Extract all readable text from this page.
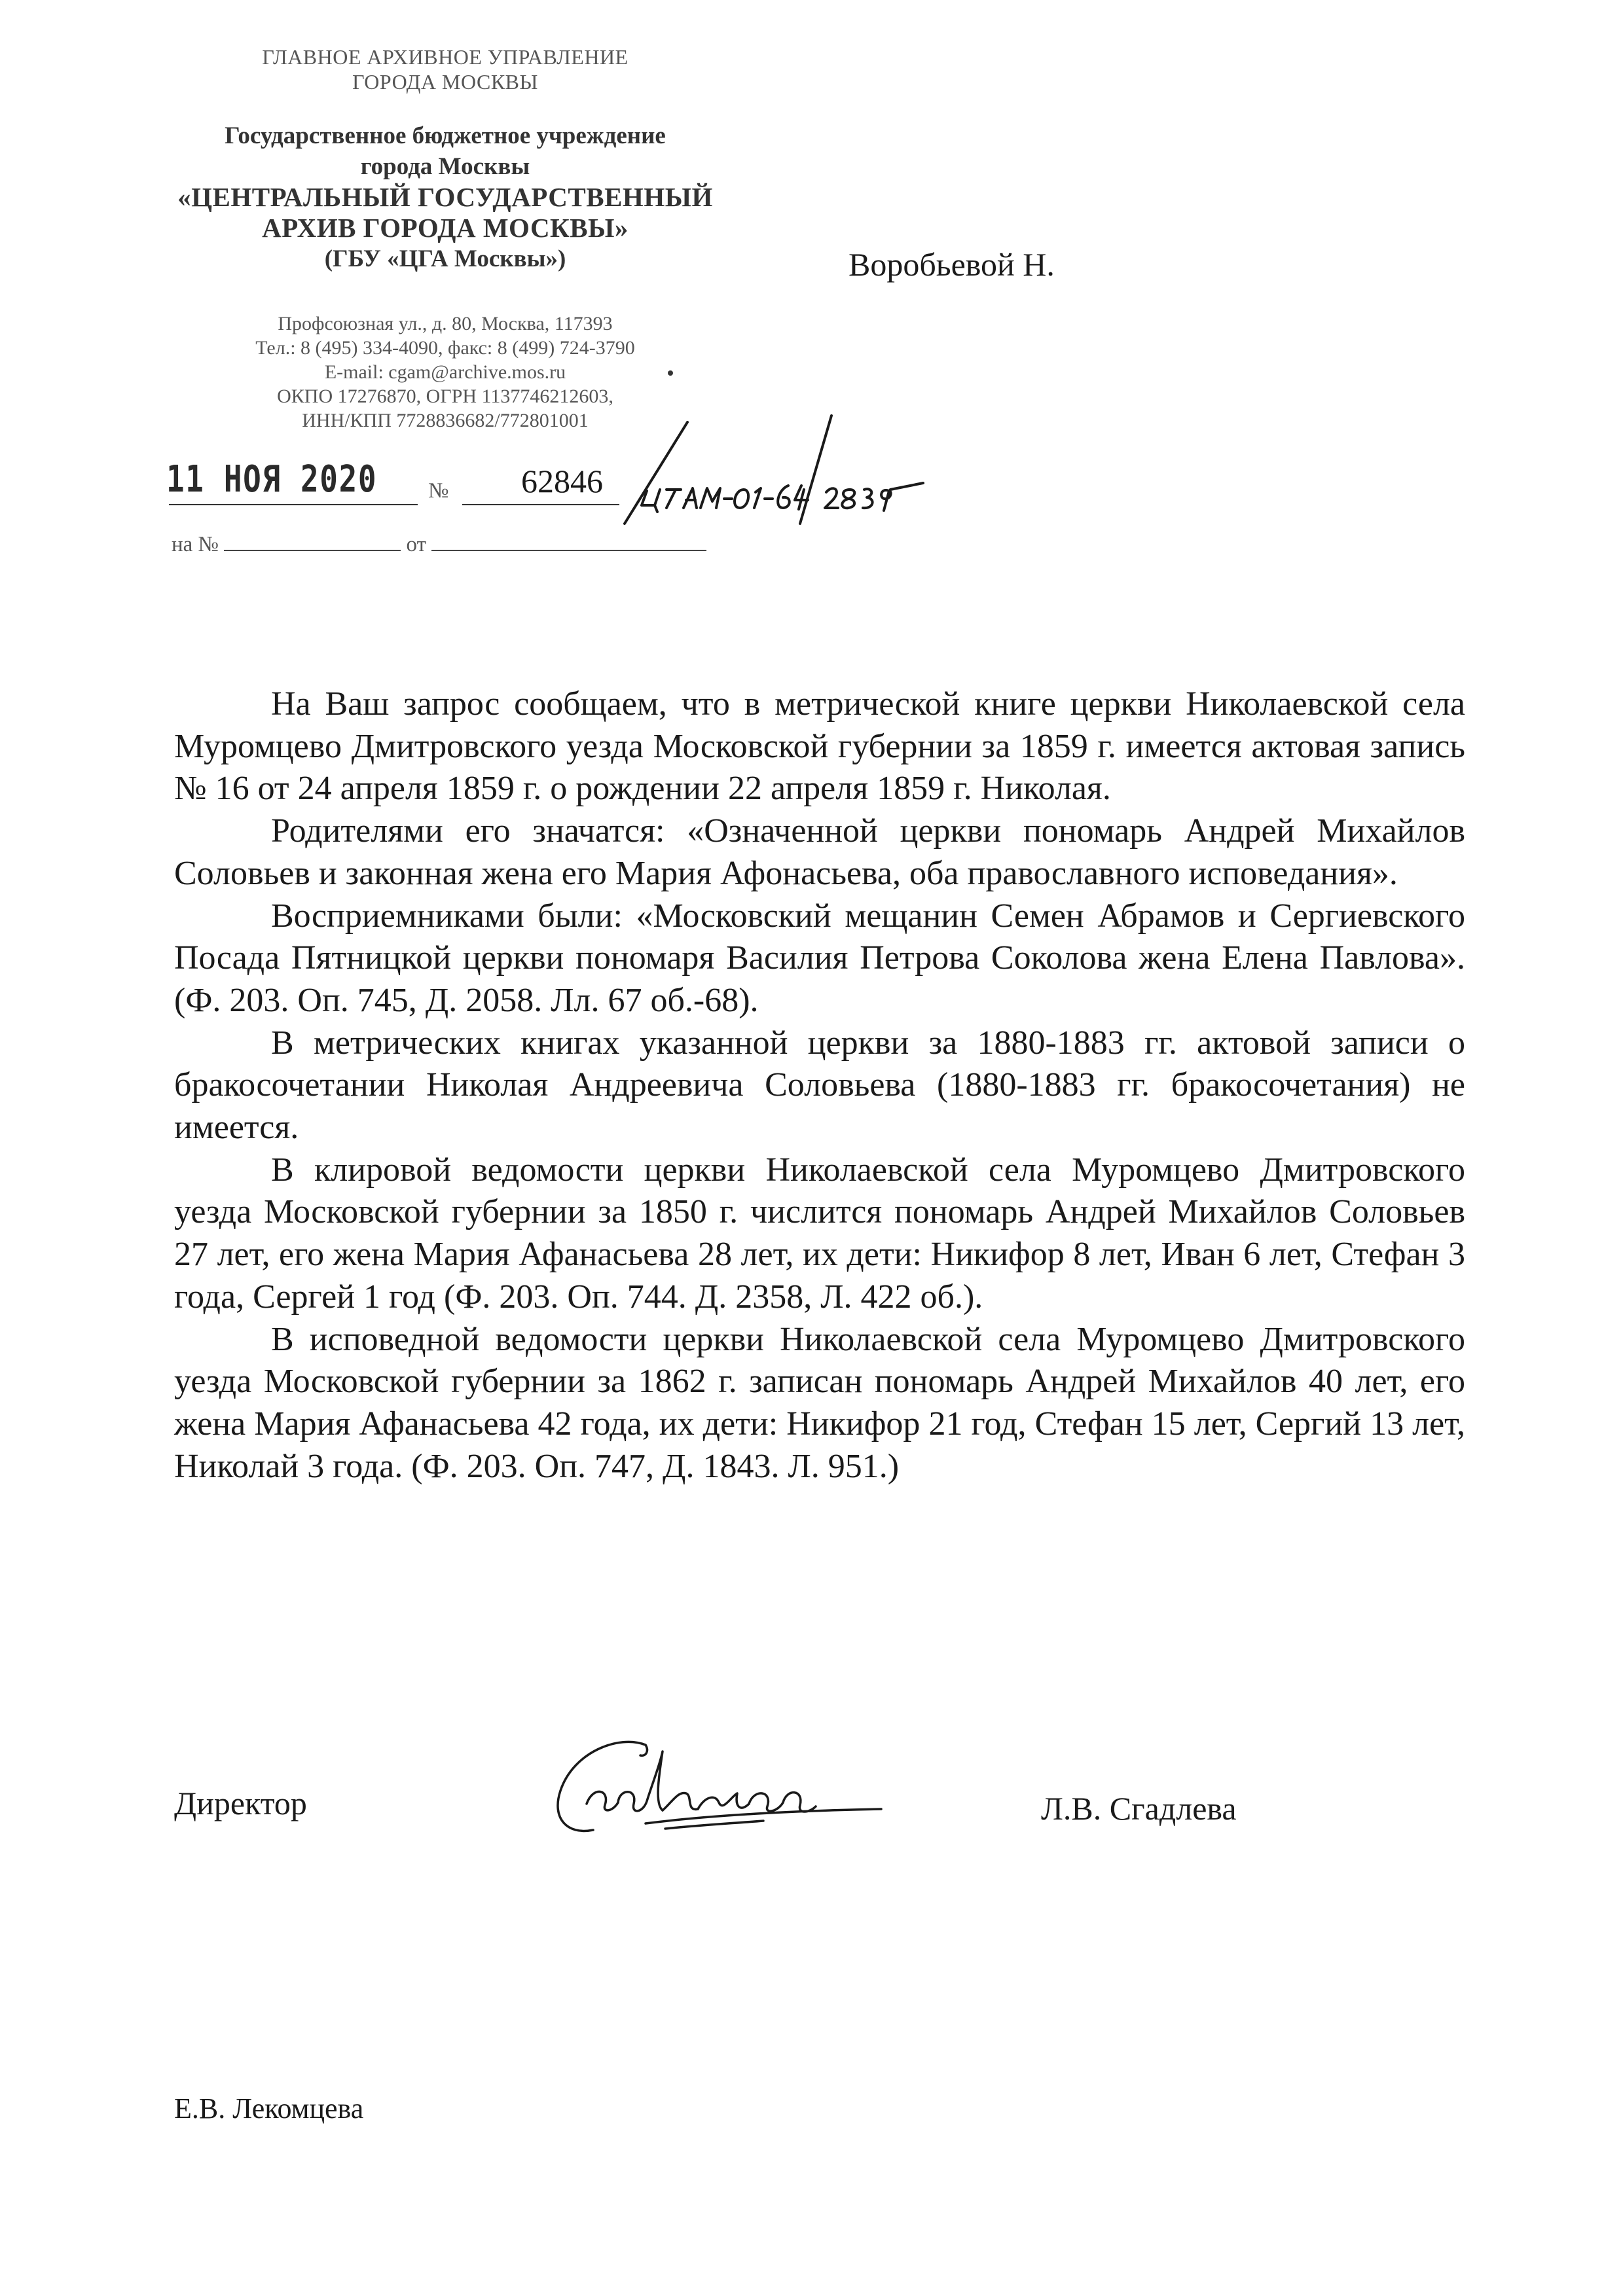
ГЛАВНОЕ АРХИВНОЕ УПРАВЛЕНИЕ
ГОРОДА МОСКВЫ
Государственное бюджетное учреждение
города Москвы
«ЦЕНТРАЛЬНЫЙ ГОСУДАРСТВЕННЫЙ
АРХИВ ГОРОДА МОСКВЫ»
(ГБУ «ЦГА Москвы»)
Профсоюзная ул., д. 80, Москва, 117393
Тел.: 8 (495) 334-4090, факс: 8 (499) 724-3790
E-mail: cgam@archive.mos.ru
ОКПО 17276870, ОГРН 1137746212603,
ИНН/КПП 7728836682/772801001
Воробьевой Н.
11 НОЯ 2020 № 62846
на №	от

На Ваш запрос сообщаем, что в метрической книге церкви Николаевской села Муромцево Дмитровского уезда Московской губернии за 1859 г. имеется актовая запись № 16 от 24 апреля 1859 г. о рождении 22 апреля 1859 г. Николая.

Родителями его значатся: «Означенной церкви пономарь Андрей Михайлов Соловьев и законная жена его Мария Афонасьева, оба православного исповедания».

Восприемниками были: «Московский мещанин Семен Абрамов и Сергиевского Посада Пятницкой церкви пономаря Василия Петрова Соколова жена Елена Павлова».(Ф. 203. Оп. 745, Д. 2058. Лл. 67 об.-68).

В метрических книгах указанной церкви за 1880-1883 гг. актовой записи о бракосочетании Николая Андреевича Соловьева (1880-1883 гг. бракосочетания) не имеется.

В клировой ведомости церкви Николаевской села Муромцево Дмитровского уезда Московской губернии за 1850 г. числится пономарь Андрей Михайлов Соловьев 27 лет, его жена Мария Афанасьева 28 лет, их дети: Никифор 8 лет, Иван 6 лет, Стефан 3 года, Сергей 1 год (Ф. 203. Оп. 744. Д. 2358, Л. 422 об.).

В исповедной ведомости церкви Николаевской села Муромцево Дмитровского уезда Московской губернии за 1862 г. записан пономарь Андрей Михайлов 40 лет, его жена Мария Афанасьева 42 года, их дети: Никифор 21 год, Стефан 15 лет, Сергий 13 лет, Николай 3 года. (Ф. 203. Оп. 747, Д. 1843. Л. 951.)

Директор	Л.В. Сгадлева
Е.В. Лекомцева
